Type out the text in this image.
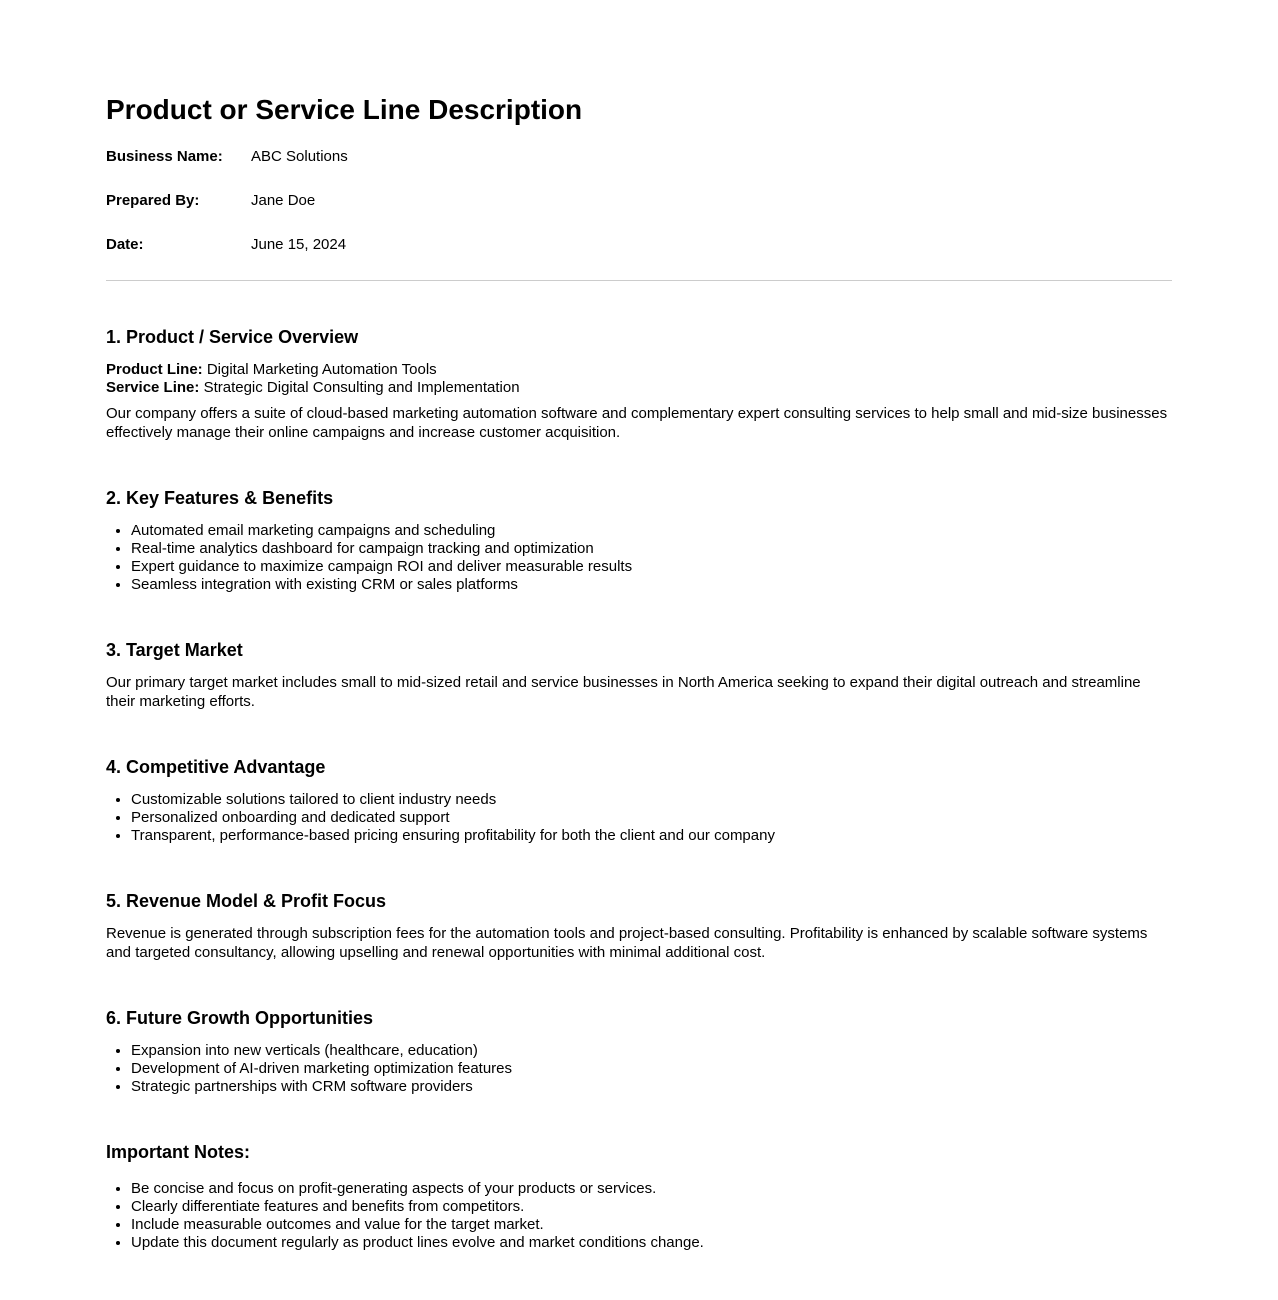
Product or Service Line Description
Business Name:	ABC Solutions
Prepared By:	Jane Doe
Date:	June 15, 2024
1. Product / Service Overview
Product Line: Digital Marketing Automation Tools
Service Line: Strategic Digital Consulting and Implementation

Our company offers a suite of cloud-based marketing automation software and complementary expert consulting services to help small and mid-size businesses effectively manage their online campaigns and increase customer acquisition.

2. Key Features & Benefits
• Automated email marketing campaigns and scheduling
• Real-time analytics dashboard for campaign tracking and optimization
• Expert guidance to maximize campaign ROI and deliver measurable results
• Seamless integration with existing CRM or sales platforms
3. Target Market

Our primary target market includes small to mid-sized retail and service businesses in North America seeking to expand their digital outreach and streamline their marketing efforts.

4. Competitive Advantage
• Customizable solutions tailored to client industry needs
• Personalized onboarding and dedicated support
• Transparent, performance-based pricing ensuring profitability for both the client and our company
5. Revenue Model & Profit Focus

Revenue is generated through subscription fees for the automation tools and project-based consulting. Profitability is enhanced by scalable software systems and targeted consultancy, allowing upselling and renewal opportunities with minimal additional cost.

6. Future Growth Opportunities
• Expansion into new verticals (healthcare, education)
• Development of AI-driven marketing optimization features
• Strategic partnerships with CRM software providers
Important Notes:
• Be concise and focus on profit-generating aspects of your products or services.
• Clearly differentiate features and benefits from competitors.
• Include measurable outcomes and value for the target market.
• Update this document regularly as product lines evolve and market conditions change.
